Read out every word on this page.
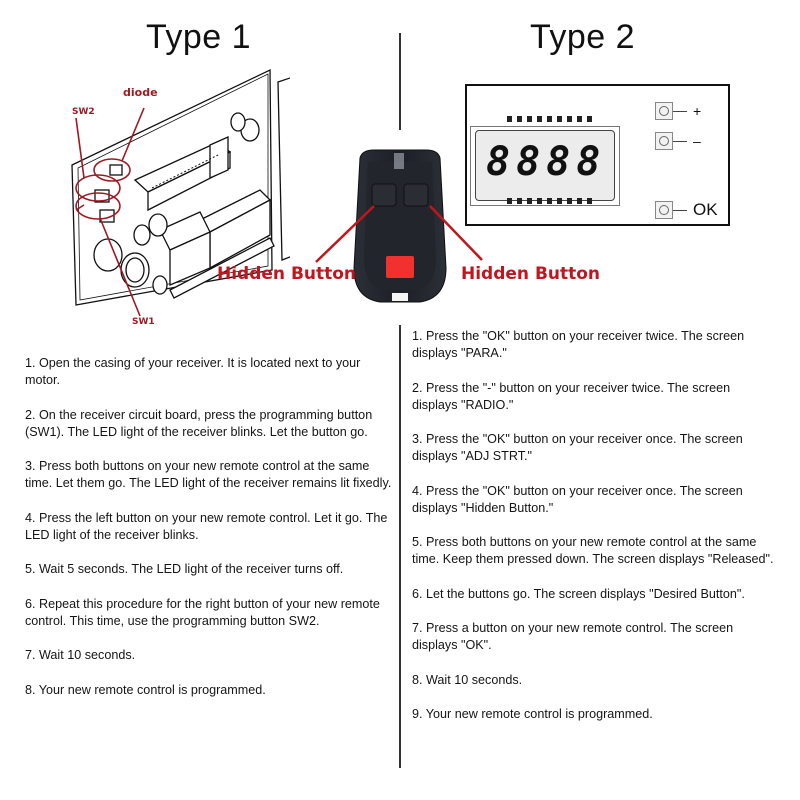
Type 1	Type 2
diode
SW2
SW1
Hidden Button	Hidden Button
8888
+
–
OK
1. Open the casing of your receiver. It is located next to your motor.
2. On the receiver circuit board, press the programming button (SW1). The LED light of the receiver blinks. Let the button go.
3. Press both buttons on your new remote control at the same time. Let them go. The LED light of the receiver remains lit fixedly.
4. Press the left button on your new remote control. Let it go. The LED light of the receiver blinks.
5. Wait 5 seconds. The LED light of the receiver turns off.
6. Repeat this procedure for the right button of your new remote control. This time, use the programming button SW2.
7. Wait 10 seconds.
8. Your new remote control is programmed.
1. Press the "OK" button on your receiver twice. The screen displays "PARA."
2. Press the "-" button on your receiver twice. The screen displays "RADIO."
3. Press the "OK" button on your receiver once. The screen displays "ADJ STRT."
4. Press the "OK" button on your receiver once. The screen displays "Hidden Button."
5. Press both buttons on your new remote control at the same time. Keep them pressed down. The screen displays "Released".
6. Let the buttons go. The screen displays "Desired Button".
7. Press a button on your new remote control. The screen displays "OK".
8. Wait 10 seconds.
9. Your new remote control is programmed.
